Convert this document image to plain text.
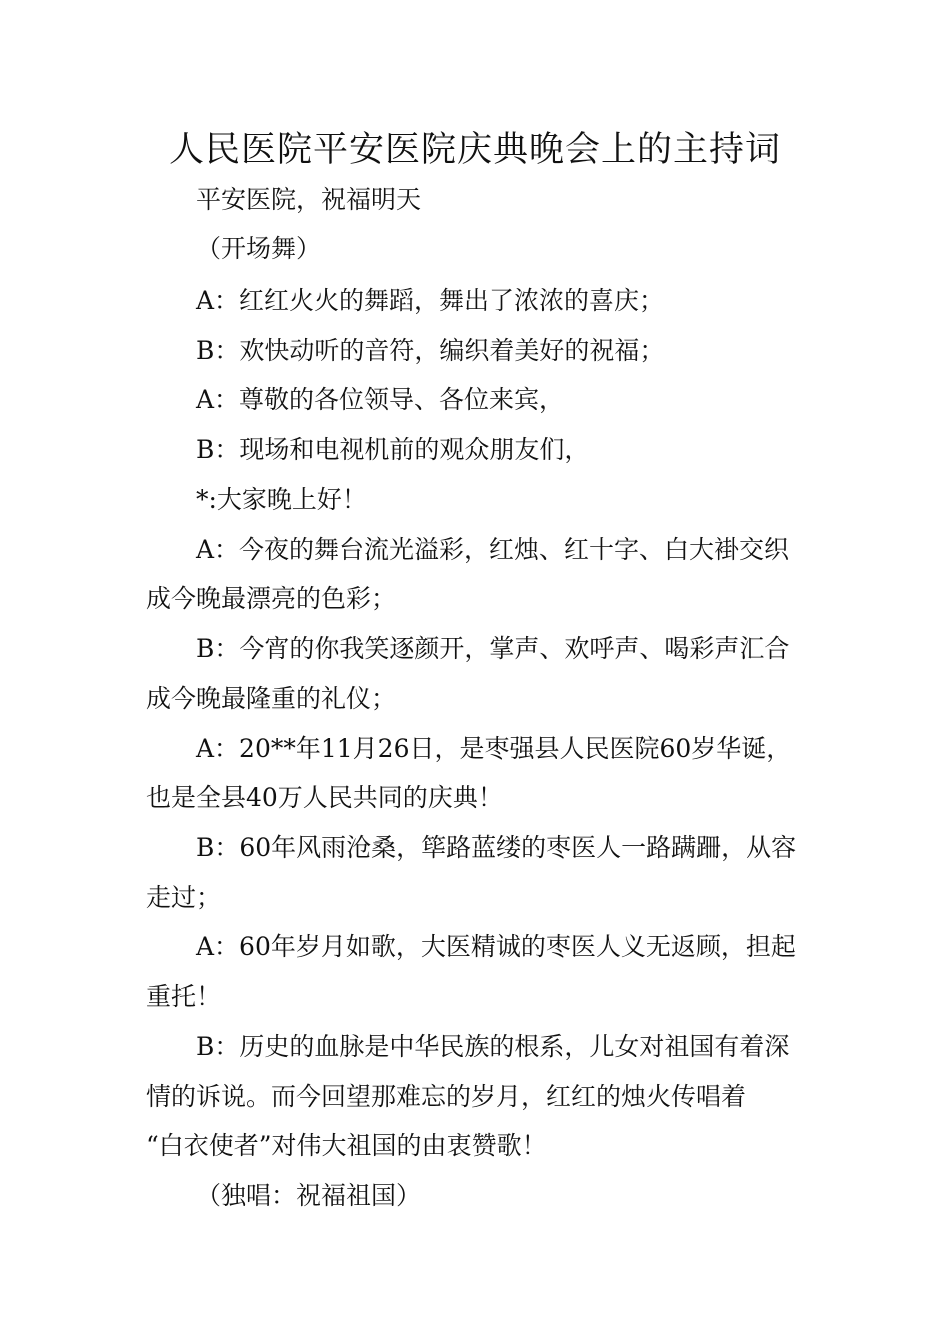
人民医院平安医院庆典晚会上的主持词
平安医院，祝福明天
（开场舞）
A：红红火火的舞蹈，舞出了浓浓的喜庆；
B：欢快动听的音符，编织着美好的祝福；
A：尊敬的各位领导、各位来宾，
B：现场和电视机前的观众朋友们，
*:大家晚上好！
A：今夜的舞台流光溢彩，红烛、红十字、白大褂交织
成今晚最漂亮的色彩；
B：今宵的你我笑逐颜开，掌声、欢呼声、喝彩声汇合
成今晚最隆重的礼仪；
A：20**年11月26日，是枣强县人民医院60岁华诞，
也是全县40万人民共同的庆典！
B：60年风雨沧桑，筚路蓝缕的枣医人一路蹒跚，从容
走过；
A：60年岁月如歌，大医精诚的枣医人义无返顾，担起
重托！
B：历史的血脉是中华民族的根系，儿女对祖国有着深
情的诉说。而今回望那难忘的岁月，红红的烛火传唱着
“白衣使者”对伟大祖国的由衷赞歌！
（独唱：祝福祖国）
